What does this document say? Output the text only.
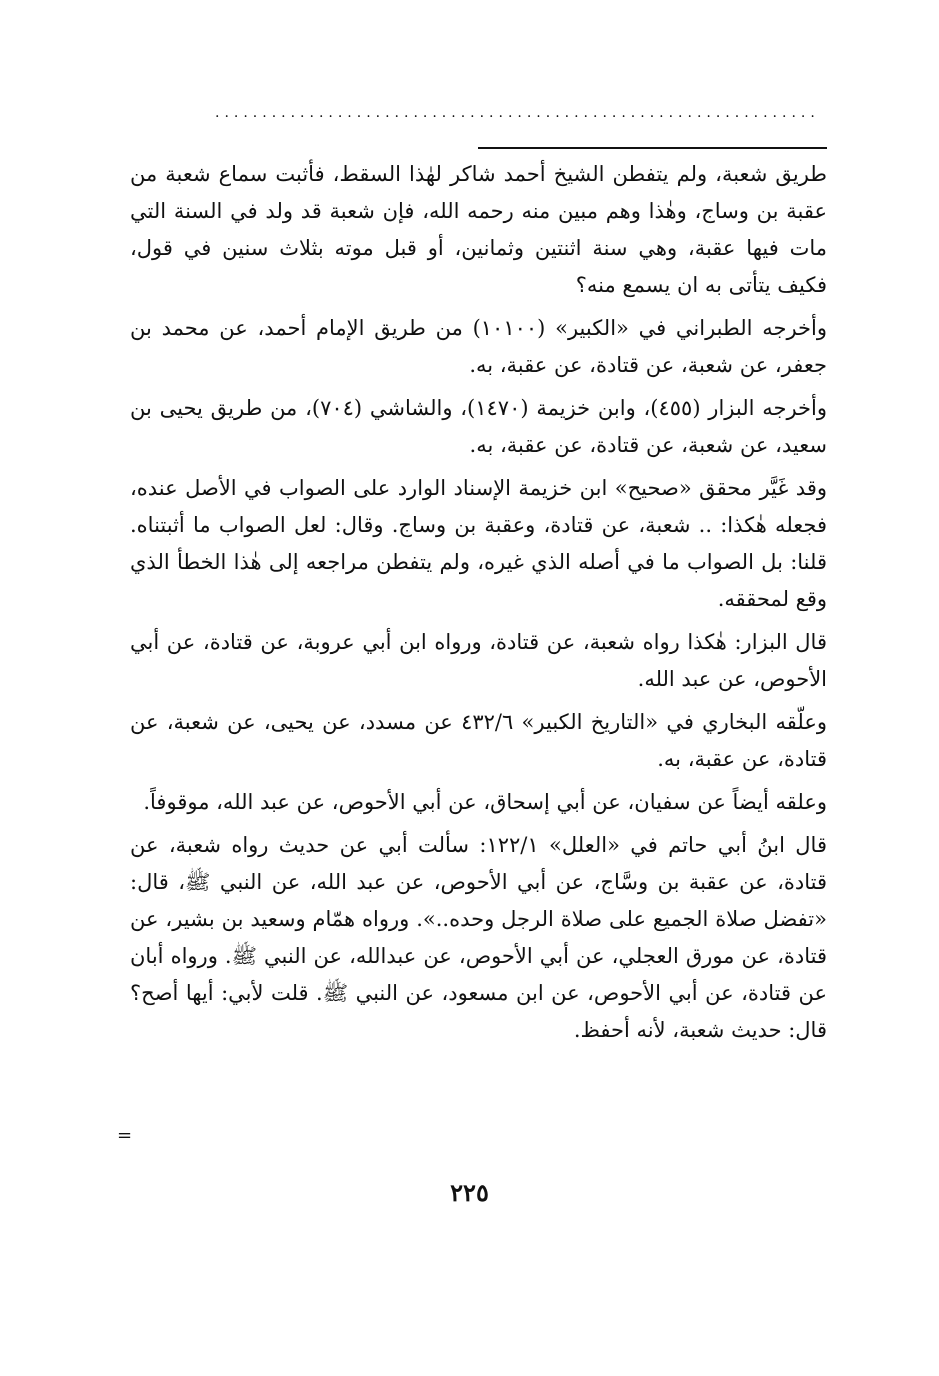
................................................................

طريق شعبة، ولم يتفطن الشيخ أحمد شاكر لهٰذا السقط، فأثبت سماع شعبة من عقبة بن وساج، وهٰذا وهم مبين منه رحمه الله، فإن شعبة قد ولد في السنة التي مات فيها عقبة، وهي سنة اثنتين وثمانين، أو قبل موته بثلاث سنين في قول، فكيف يتأتى به ان يسمع منه؟

وأخرجه الطبراني في «الكبير» (١٠١٠٠) من طريق الإمام أحمد، عن محمد بن جعفر، عن شعبة، عن قتادة، عن عقبة، به.

وأخرجه البزار (٤٥٥)، وابن خزيمة (١٤٧٠)، والشاشي (٧٠٤)، من طريق يحيى بن سعيد، عن شعبة، عن قتادة، عن عقبة، به.

وقد غَيَّر محقق «صحيح» ابن خزيمة الإسناد الوارد على الصواب في الأصل عنده، فجعله هٰكذا: .. شعبة، عن قتادة، وعقبة بن وساج. وقال: لعل الصواب ما أثبتناه. قلنا: بل الصواب ما في أصله الذي غيره، ولم يتفطن مراجعه إلى هٰذا الخطأ الذي وقع لمحققه.

قال البزار: هٰكذا رواه شعبة، عن قتادة، ورواه ابن أبي عروبة، عن قتادة، عن أبي الأحوص، عن عبد الله.

وعلّقه البخاري في «التاريخ الكبير» ٤٣٢/٦ عن مسدد، عن يحيى، عن شعبة، عن قتادة، عن عقبة، به.

وعلقه أيضاً عن سفيان، عن أبي إسحاق، عن أبي الأحوص، عن عبد الله، موقوفاً.

قال ابنُ أبي حاتم في «العلل» ١٢٢/١: سألت أبي عن حديث رواه شعبة، عن قتادة، عن عقبة بن وسَّاج، عن أبي الأحوص، عن عبد الله، عن النبي ﷺ، قال: «تفضل صلاة الجميع على صلاة الرجل وحده..». ورواه همّام وسعيد بن بشير، عن قتادة، عن مورق العجلي، عن أبي الأحوص، عن عبدالله، عن النبي ﷺ. ورواه أبان عن قتادة، عن أبي الأحوص، عن ابن مسعود، عن النبي ﷺ. قلت لأبي: أيها أصح؟ قال: حديث شعبة، لأنه أحفظ.

=
٢٢٥
